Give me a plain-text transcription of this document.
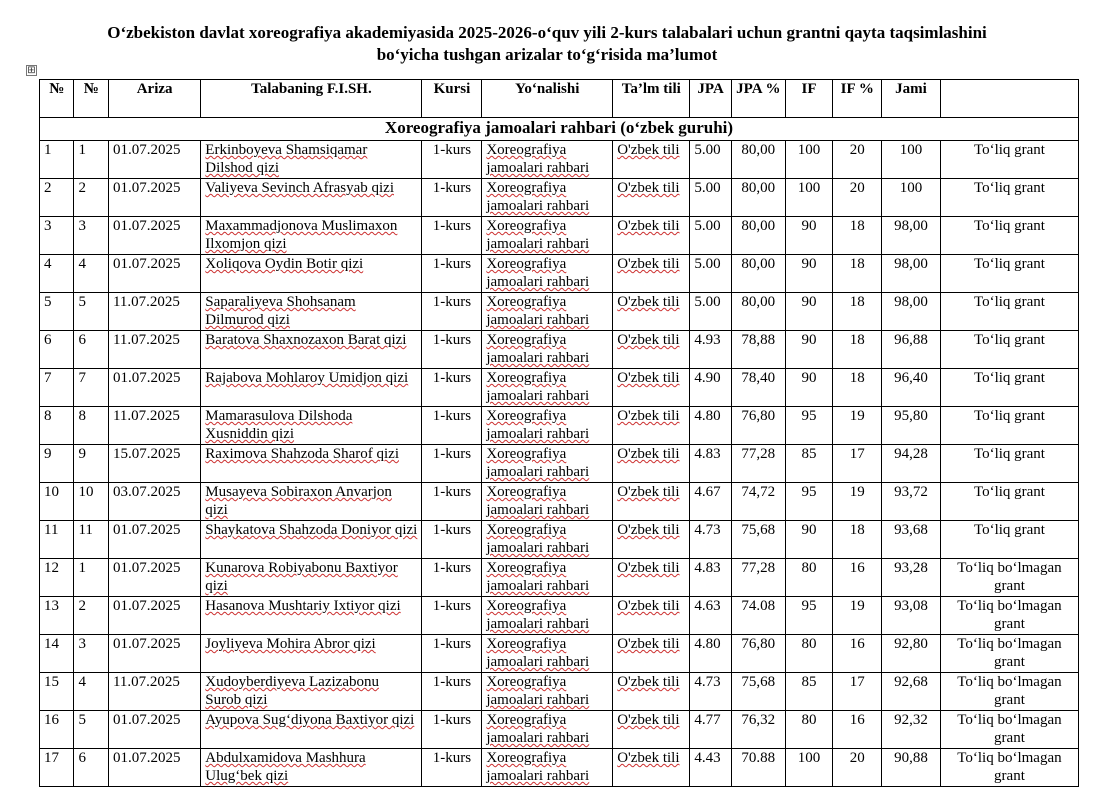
O‘zbekiston davlat xoreografiya akademiyasida 2025-2026-o‘quv yili 2-kurs talabalari uchun grantni qayta taqsimlashini
bo‘yicha tushgan arizalar to‘g‘risida ma’lumot
⊞
№	№	Ariza	Talabaning F.I.SH.	Kursi	Yo‘nalishi	Ta’lm tili	JPA	JPA %	IF	IF %	Jami	
Xoreografiya jamoalari rahbari (o‘zbek guruhi)												
1	1	01.07.2025	Erkinboyeva Shamsiqamar Dilshod qizi	1-kurs	Xoreografiya jamoalari rahbari	O'zbek tili	5.00	80,00	100	20	100	To‘liq grant
2	2	01.07.2025	Valiyeva Sevinch Afrasyab qizi	1-kurs	Xoreografiya jamoalari rahbari	O'zbek tili	5.00	80,00	100	20	100	To‘liq grant
3	3	01.07.2025	Maxammadjonova Muslimaxon Ilxomjon qizi	1-kurs	Xoreografiya jamoalari rahbari	O'zbek tili	5.00	80,00	90	18	98,00	To‘liq grant
4	4	01.07.2025	Xoliqova Oydin Botir qizi	1-kurs	Xoreografiya jamoalari rahbari	O'zbek tili	5.00	80,00	90	18	98,00	To‘liq grant
5	5	11.07.2025	Saparaliyeva Shohsanam Dilmurod qizi	1-kurs	Xoreografiya jamoalari rahbari	O'zbek tili	5.00	80,00	90	18	98,00	To‘liq grant
6	6	11.07.2025	Baratova Shaxnozaxon Barat qizi	1-kurs	Xoreografiya jamoalari rahbari	O'zbek tili	4.93	78,88	90	18	96,88	To‘liq grant
7	7	01.07.2025	Rajabova Mohlaroy Umidjon qizi	1-kurs	Xoreografiya jamoalari rahbari	O'zbek tili	4.90	78,40	90	18	96,40	To‘liq grant
8	8	11.07.2025	Mamarasulova Dilshoda Xusniddin qizi	1-kurs	Xoreografiya jamoalari rahbari	O'zbek tili	4.80	76,80	95	19	95,80	To‘liq grant
9	9	15.07.2025	Raximova Shahzoda Sharof qizi	1-kurs	Xoreografiya jamoalari rahbari	O'zbek tili	4.83	77,28	85	17	94,28	To‘liq grant
10	10	03.07.2025	Musayeva Sobiraxon Anvarjon qizi	1-kurs	Xoreografiya jamoalari rahbari	O'zbek tili	4.67	74,72	95	19	93,72	To‘liq grant
11	11	01.07.2025	Shaykatova Shahzoda Doniyor qizi	1-kurs	Xoreografiya jamoalari rahbari	O'zbek tili	4.73	75,68	90	18	93,68	To‘liq grant
12	1	01.07.2025	Kunarova Robiyabonu Baxtiyor qizi	1-kurs	Xoreografiya jamoalari rahbari	O'zbek tili	4.83	77,28	80	16	93,28	To‘liq bo‘lmagan grant
13	2	01.07.2025	Hasanova Mushtariy Ixtiyor qizi	1-kurs	Xoreografiya jamoalari rahbari	O'zbek tili	4.63	74.08	95	19	93,08	To‘liq bo‘lmagan grant
14	3	01.07.2025	Joyliyeva Mohira Abror qizi	1-kurs	Xoreografiya jamoalari rahbari	O'zbek tili	4.80	76,80	80	16	92,80	To‘liq bo‘lmagan grant
15	4	11.07.2025	Xudoyberdiyeva Lazizabonu Surob qizi	1-kurs	Xoreografiya jamoalari rahbari	O'zbek tili	4.73	75,68	85	17	92,68	To‘liq bo‘lmagan grant
16	5	01.07.2025	Ayupova Sug‘diyona Baxtiyor qizi	1-kurs	Xoreografiya jamoalari rahbari	O'zbek tili	4.77	76,32	80	16	92,32	To‘liq bo‘lmagan grant
17	6	01.07.2025	Abdulxamidova Mashhura Ulug‘bek qizi	1-kurs	Xoreografiya jamoalari rahbari	O'zbek tili	4.43	70.88	100	20	90,88	To‘liq bo‘lmagan grant
